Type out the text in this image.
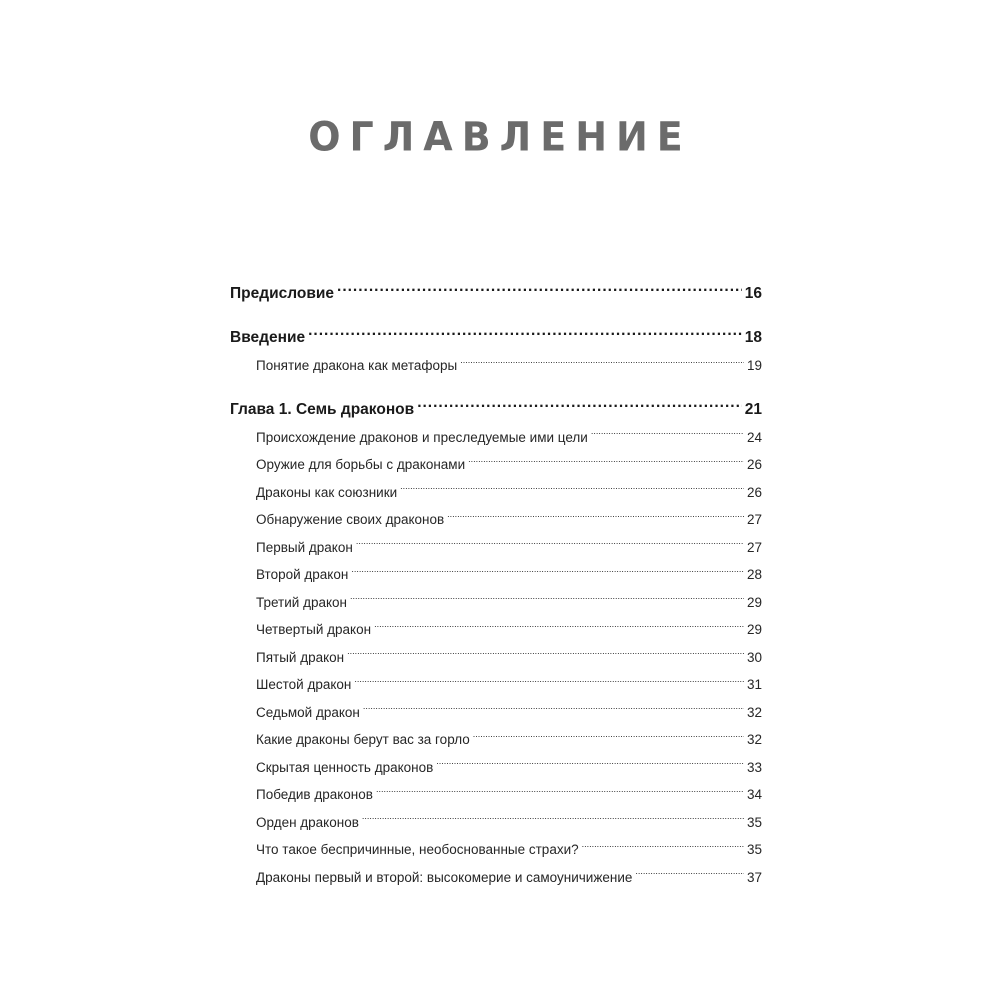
ОГЛАВЛЕНИЕ
Предисловие .....	16
Введение .....	18
Понятие дракона как метафоры .....	19
Глава 1. Семь драконов .....	21
Происхождение драконов и преследуемые ими цели .....	24
Оружие для борьбы с драконами .....	26
Драконы как союзники .....	26
Обнаружение своих драконов .....	27
Первый дракон .....	27
Второй дракон .....	28
Третий дракон .....	29
Четвертый дракон .....	29
Пятый дракон .....	30
Шестой дракон .....	31
Седьмой дракон .....	32
Какие драконы берут вас за горло .....	32
Скрытая ценность драконов .....	33
Победив драконов .....	34
Орден драконов .....	35
Что такое беспричинные, необоснованные страхи? .....	35
Драконы первый и второй: высокомерие и самоуничижение .....	37
